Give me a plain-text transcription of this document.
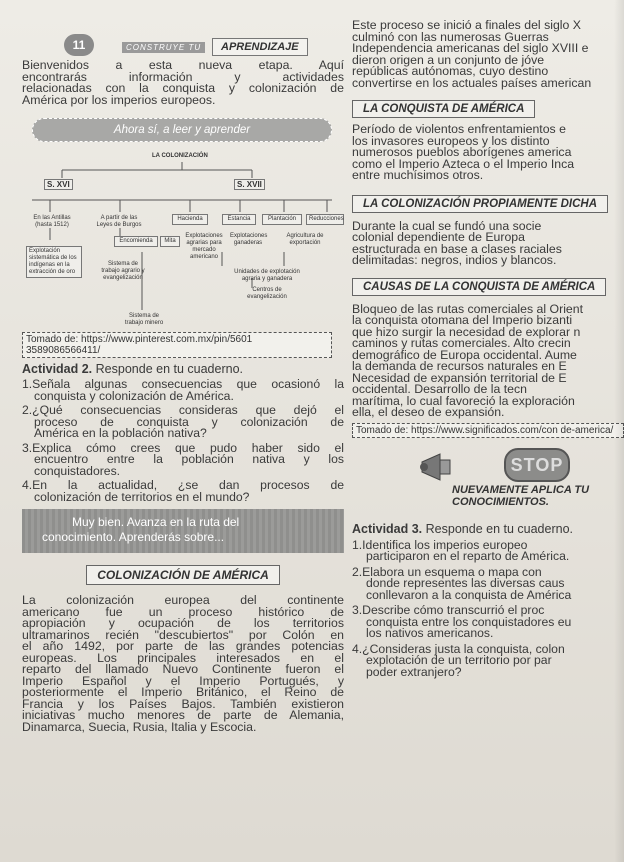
11	CONSTRUYE TU	APRENDIZAJE
Bienvenidos a esta nueva etapa. Aquí
encontrarás información y actividades
relacionadas con la conquista y colonización de
América por los imperios europeos.
Ahora sí, a leer y aprender
LA COLONIZACIÓN
S. XVI	S. XVII
En las Antillas (hasta 1512)
A partir de las Leyes de Burgos
Hacienda	Estancia	Plantación	Reducciones
Encomienda	Mita
Explotaciones agrarias para mercado americano
Explotaciones ganaderas
Agricultura de exportación
Explotación sistemática de los indígenas en la extracción de oro
Sistema de trabajo agrario y evangelización
Unidades de explotación agraria y ganadera
Centros de evangelización
Sistema de trabajo minero
Tomado de: https://www.pinterest.com.mx/pin/5601 3589086566411/
Actividad 2. Responde en tu cuaderno.
1.Señala algunas consecuencias que ocasionó la
conquista y colonización de América.
2.¿Qué consecuencias consideras que dejó el
proceso de conquista y colonización de
América en la población nativa?
3.Explica cómo crees que pudo haber sido el
encuentro entre la población nativa y los
conquistadores.
4.En la actualidad, ¿se dan procesos de
colonización de territorios en el mundo?
Muy bien. Avanza en la ruta del
conocimiento. Aprenderás sobre...
COLONIZACIÓN DE AMÉRICA
La colonización europea del continente
americano fue un proceso histórico de
apropiación y ocupación de los territorios
ultramarinos recién "descubiertos" por Colón en
el año 1492, por parte de las grandes potencias
europeas. Los principales interesados en el
reparto del llamado Nuevo Continente fueron el
Imperio Español y el Imperio Portugués, y
posteriormente el Imperio Británico, el Reino de
Francia y los Países Bajos. También existieron
iniciativas mucho menores de parte de Alemania,
Dinamarca, Suecia, Rusia, Italia y Escocia.
Este proceso se inició a finales del siglo X
culminó con las numerosas Guerras
Independencia americanas del siglo XVIII e
dieron origen a un conjunto de jóve
repúblicas autónomas, cuyo destino
convertirse en los actuales países american
LA CONQUISTA DE AMÉRICA
Período de violentos enfrentamientos e
los invasores europeos y los distinto
numerosos pueblos aborígenes america
como el Imperio Azteca o el Imperio Inca
entre muchísimos otros.
LA COLONIZACIÓN PROPIAMENTE DICHA
Durante la cual se fundó una socie
colonial dependiente de Europa
estructurada en base a clases raciales
delimitadas: negros, indios y blancos.
CAUSAS DE LA CONQUISTA DE AMÉRICA
Bloqueo de las rutas comerciales al Orient
la conquista otomana del Imperio bizanti
que hizo surgir la necesidad de explorar n
caminos y rutas comerciales. Alto crecin
demográfico de Europa occidental. Aume
la demanda de recursos naturales en E
Necesidad de expansión territorial de E
occidental. Desarrollo de la tecn
marítima, lo cual favoreció la exploración
ella, el deseo de expansión.
Tomado de: https://www.significados.com/con de-america/
STOP
NUEVAMENTE APLICA TU
CONOCIMIENTOS.
Actividad 3. Responde en tu cuaderno.
1.Identifica los imperios europeo
participaron en el reparto de América.
2.Elabora un esquema o mapa con
donde representes las diversas caus
conllevaron a la conquista de América
3.Describe cómo transcurrió el proc
conquista entre los conquistadores eu
los nativos americanos.
4.¿Consideras justa la conquista, colon
explotación de un territorio por par
poder extranjero?
